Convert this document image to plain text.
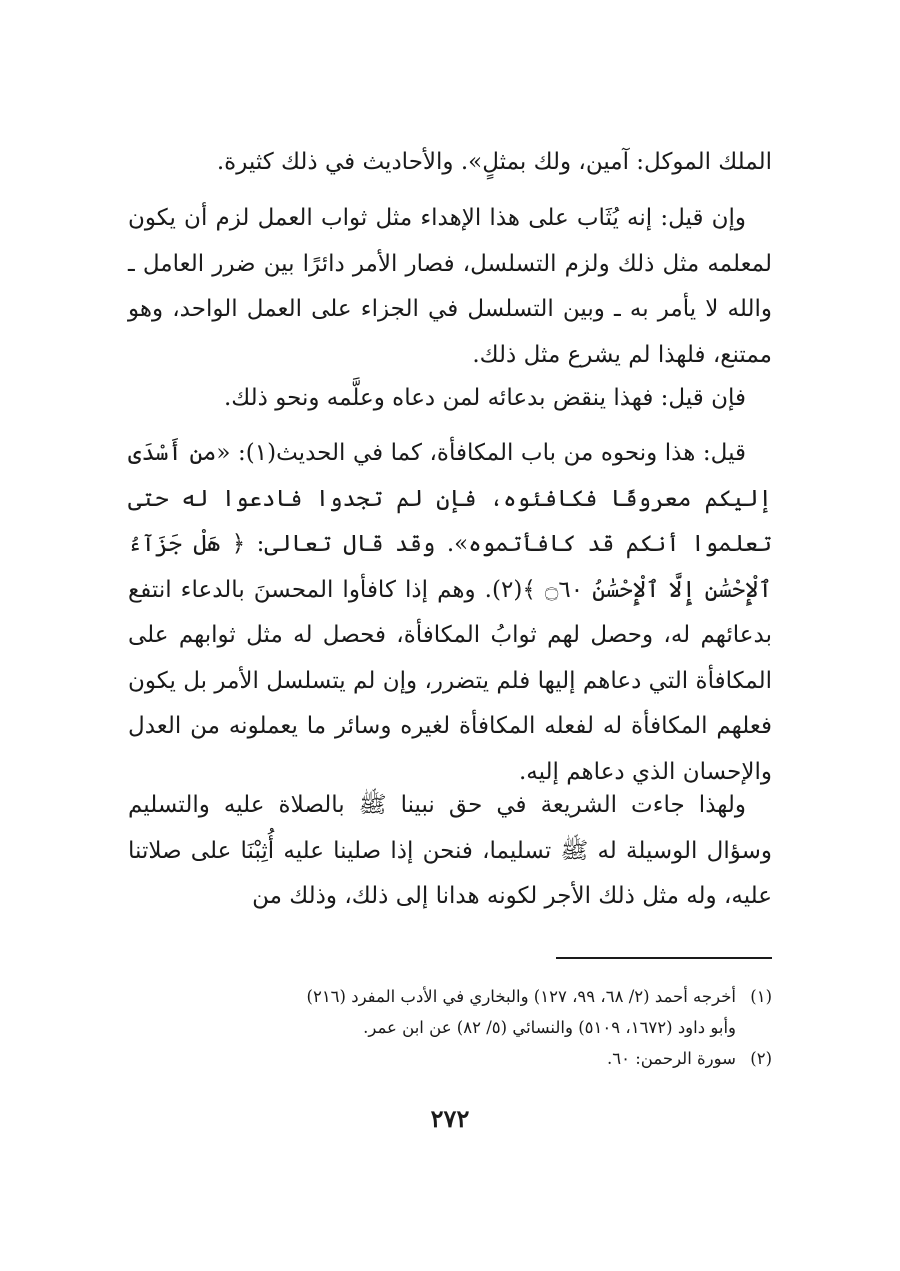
الملك الموكل: آمين، ولك بمثلٍ». والأحاديث في ذلك كثيرة.

وإن قيل: إنه يُثَاب على هذا الإهداء مثل ثواب العمل لزم أن يكون لمعلمه مثل ذلك ولزم التسلسل، فصار الأمر دائرًا بين ضرر العامل ـ والله لا يأمر به ـ وبين التسلسل في الجزاء على العمل الواحد، وهو ممتنع، فلهذا لم يشرع مثل ذلك.

فإن قيل: فهذا ينقض بدعائه لمن دعاه وعلَّمه ونحو ذلك.

قيل: هذا ونحوه من باب المكافأة، كما في الحديث(١): «من أَسْدَى إليكم معروفًا فكافئوه، فإن لم تجدوا فادعوا له حتى تعلموا أنكم قد كافأتموه». وقد قال تعالى: ﴿ هَلْ جَزَآءُ ٱلْإِحْسَٰنِ إِلَّا ٱلْإِحْسَٰنُ ۝٦٠ ﴾(٢). وهم إذا كافأوا المحسنَ بالدعاء انتفع بدعائهم له، وحصل لهم ثوابُ المكافأة، فحصل له مثل ثوابهم على المكافأة التي دعاهم إليها فلم يتضرر، وإن لم يتسلسل الأمر بل يكون فعلهم المكافأة له لفعله المكافأة لغيره وسائر ما يعملونه من العدل والإحسان الذي دعاهم إليه.

ولهذا جاءت الشريعة في حق نبينا ﷺ بالصلاة عليه والتسليم وسؤال الوسيلة له ﷺ تسليما، فنحن إذا صلينا عليه أُثِبْنَا على صلاتنا عليه، وله مثل ذلك الأجر لكونه هدانا إلى ذلك، وذلك من

(١)أخرجه أحمد (٢/ ٦٨، ٩٩، ١٢٧) والبخاري في الأدب المفرد (٢١٦)

وأبو داود (١٦٧٢، ٥١٠٩) والنسائي (٥/ ٨٢) عن ابن عمر.

(٢)سورة الرحمن: ٦٠.

٢٧٢
